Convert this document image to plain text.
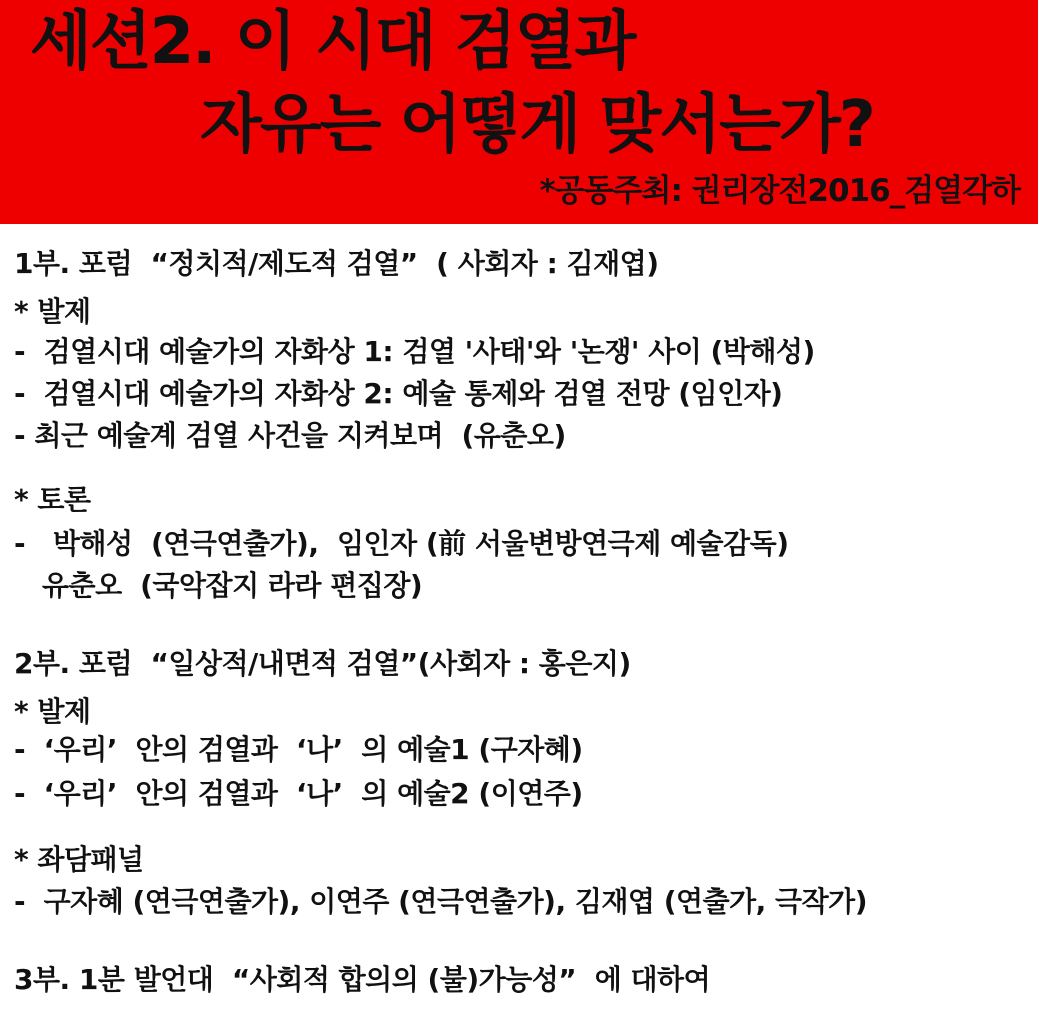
세션2. 이 시대 검열과
자유는 어떻게 맞서는가?
*공동주최: 권리장전2016_검열각하
1부. 포럼  “정치적/제도적 검열”  ( 사회자 : 김재엽)
* 발제
-  검열시대 예술가의 자화상 1: 검열 '사태'와 '논쟁' 사이 (박해성)
-  검열시대 예술가의 자화상 2: 예술 통제와 검열 전망 (임인자)
- 최근 예술계 검열 사건을 지켜보며  (유춘오)
* 토론
-   박해성  (연극연출가),  임인자 (前 서울변방연극제 예술감독)
유춘오  (국악잡지 라라 편집장)
2부. 포럼  “일상적/내면적 검열”(사회자 : 홍은지)
* 발제
-  ‘우리’  안의 검열과  ‘나’  의 예술1 (구자혜)
-  ‘우리’  안의 검열과  ‘나’  의 예술2 (이연주)
* 좌담패널
-  구자혜 (연극연출가), 이연주 (연극연출가), 김재엽 (연출가, 극작가)
3부. 1분 발언대  “사회적 합의의 (불)가능성”  에 대하여
